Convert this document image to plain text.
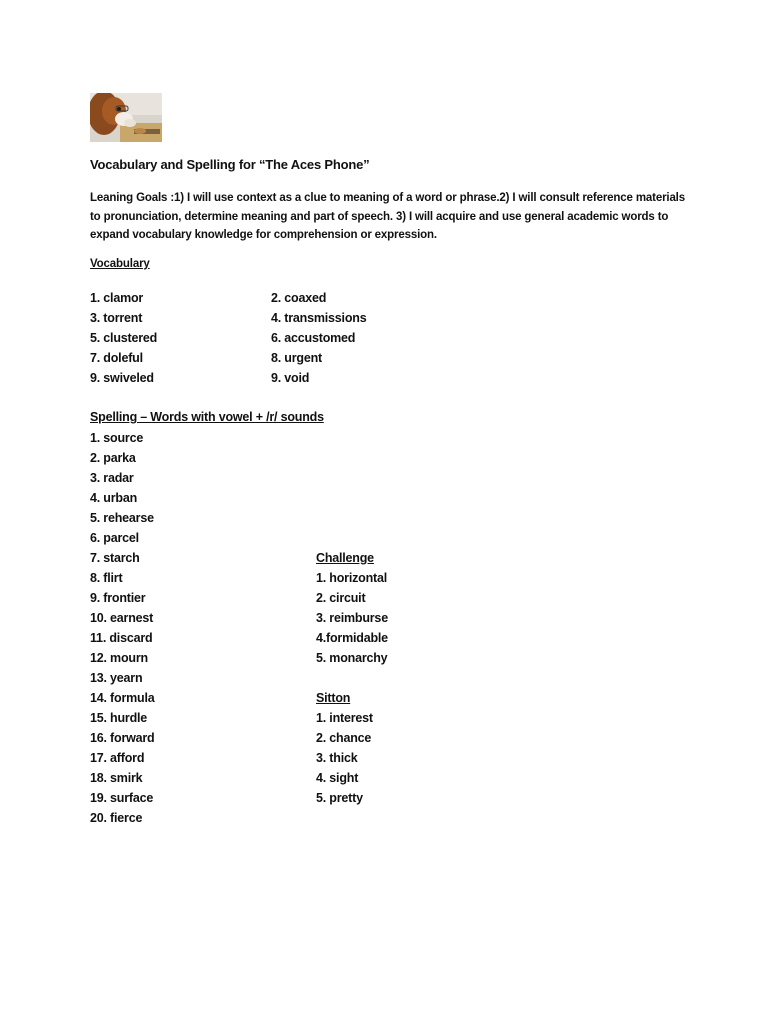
Vocabulary and Spelling for “The Aces Phone”
Leaning Goals :1) I will use context as a clue to meaning of a word or phrase.2) I will consult reference materials
to pronunciation, determine meaning and part of speech. 3) I will acquire and use general academic words to
expand vocabulary knowledge for comprehension or expression.
Vocabulary
1. clamor
3. torrent
5. clustered
7. doleful
9. swiveled
2. coaxed
4. transmissions
6. accustomed
8. urgent
9. void
Spelling – Words with vowel + /r/ sounds
1. source
2. parka
3. radar
4. urban
5. rehearse
6. parcel
7. starch
8. flirt
9. frontier
10. earnest
11. discard
12. mourn
13. yearn
14. formula
15. hurdle
16. forward
17. afford
18. smirk
19. surface
20. fierce
Challenge
1. horizontal
2. circuit
3. reimburse
4.formidable
5. monarchy
Sitton
1. interest
2. chance
3. thick
4. sight
5. pretty
